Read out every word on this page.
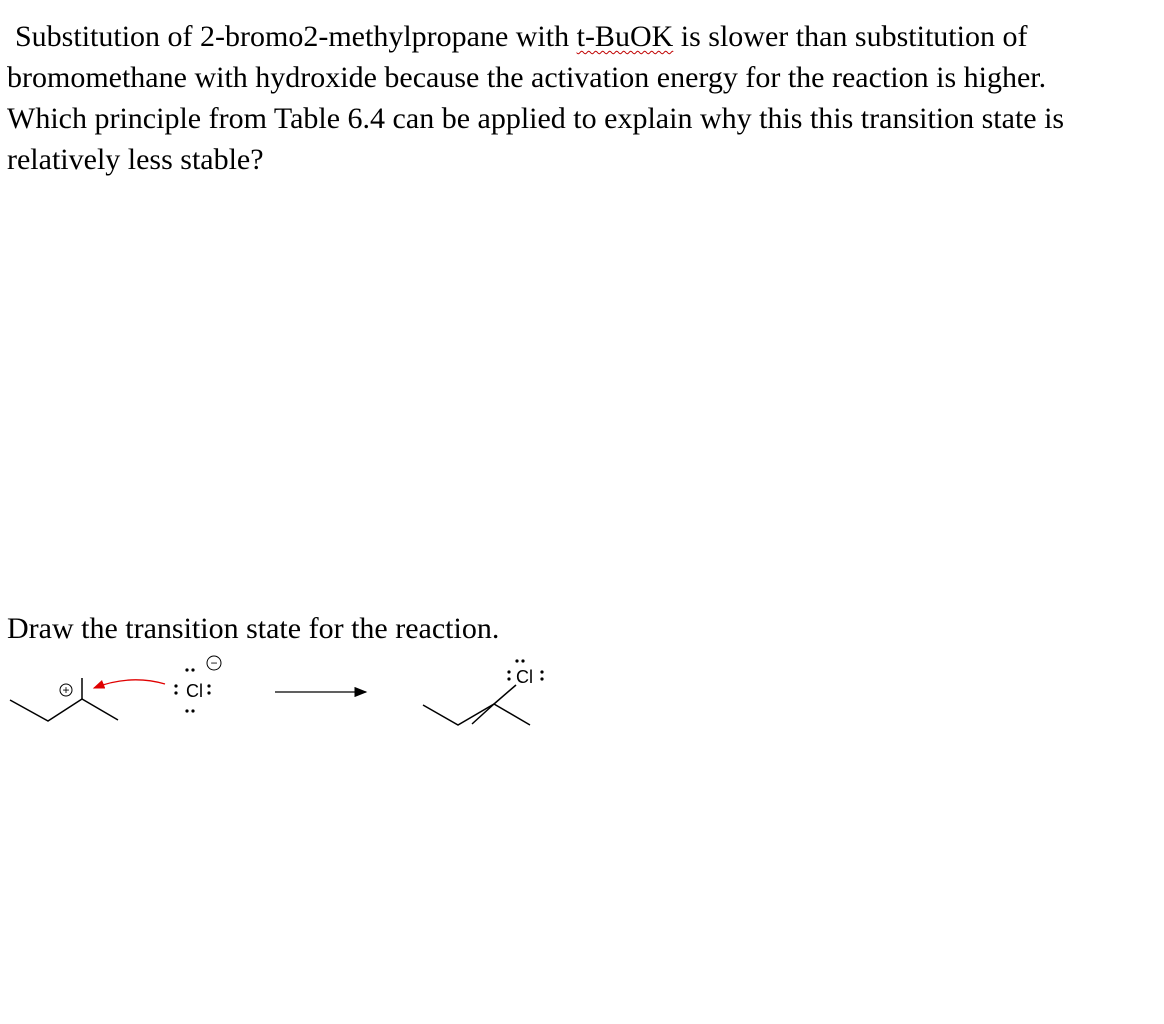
Substitution of 2-bromo2-methylpropane with t-BuOK is slower than substitution of
bromomethane with hydroxide because the activation energy for the reaction is higher.
Which principle from Table 6.4 can be applied to explain why this this transition state is
relatively less stable?

Draw the transition state for the reaction.

+	Cl
−
Cl
